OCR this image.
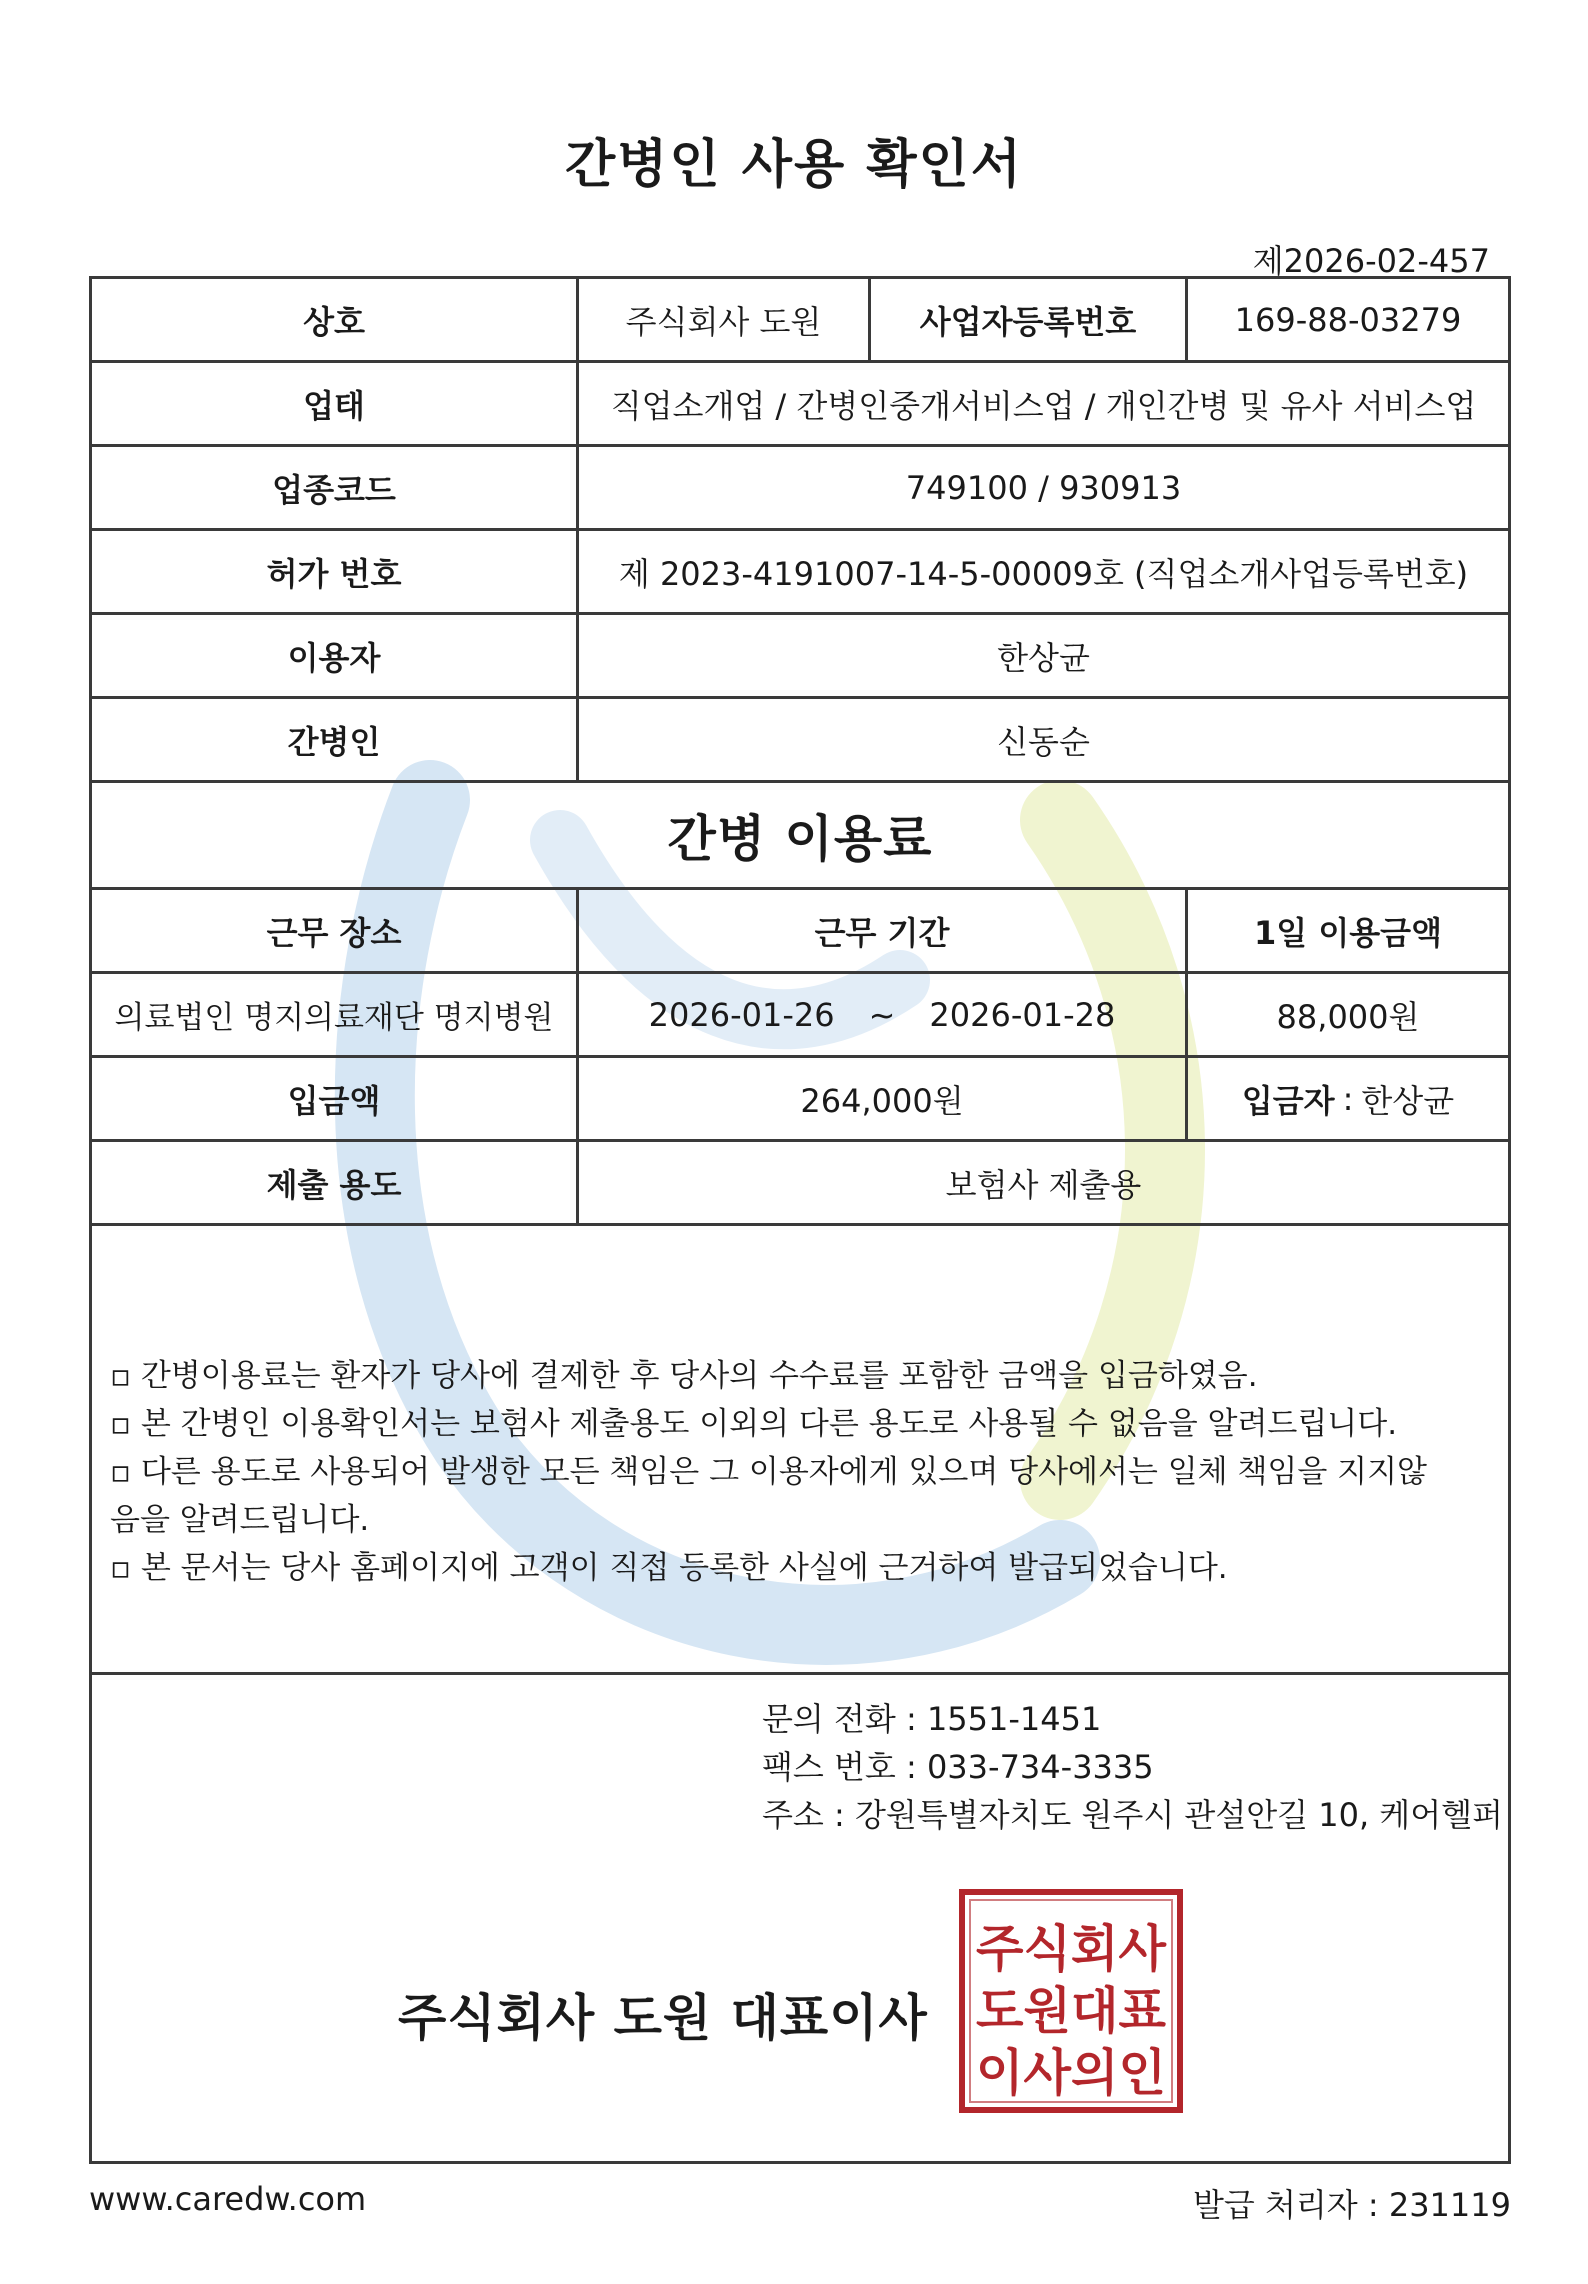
간병인 사용 확인서
제2026-02-457
상호	주식회사 도원	사업자등록번호	169-88-03279
업태	직업소개업 / 간병인중개서비스업 / 개인간병 및 유사 서비스업
업종코드	749100 / 930913
허가 번호	제 2023-4191007-14-5-00009호 (직업소개사업등록번호)
이용자	한상균
간병인	신동순
간병 이용료
근무 장소	근무 기간	1일 이용금액
의료법인 명지의료재단 명지병원	2026-01-26 ~ 2026-01-28	88,000원
입금액	264,000원	입금자 : 한상균
제출 용도	보험사 제출용
▫ 간병이용료는 환자가 당사에 결제한 후 당사의 수수료를 포함한 금액을 입금하였음.
▫ 본 간병인 이용확인서는 보험사 제출용도 이외의 다른 용도로 사용될 수 없음을 알려드립니다.
▫ 다른 용도로 사용되어 발생한 모든 책임은 그 이용자에게 있으며 당사에서는 일체 책임을 지지않
음을 알려드립니다.
▫ 본 문서는 당사 홈페이지에 고객이 직접 등록한 사실에 근거하여 발급되었습니다.
문의 전화 : 1551-1451
팩스 번호 : 033-734-3335
주소 : 강원특별자치도 원주시 관설안길 10, 케어헬퍼
주식회사 도원 대표이사
주식회사
도원대표
이사의인
www.caredw.com	발급 처리자 : 231119
